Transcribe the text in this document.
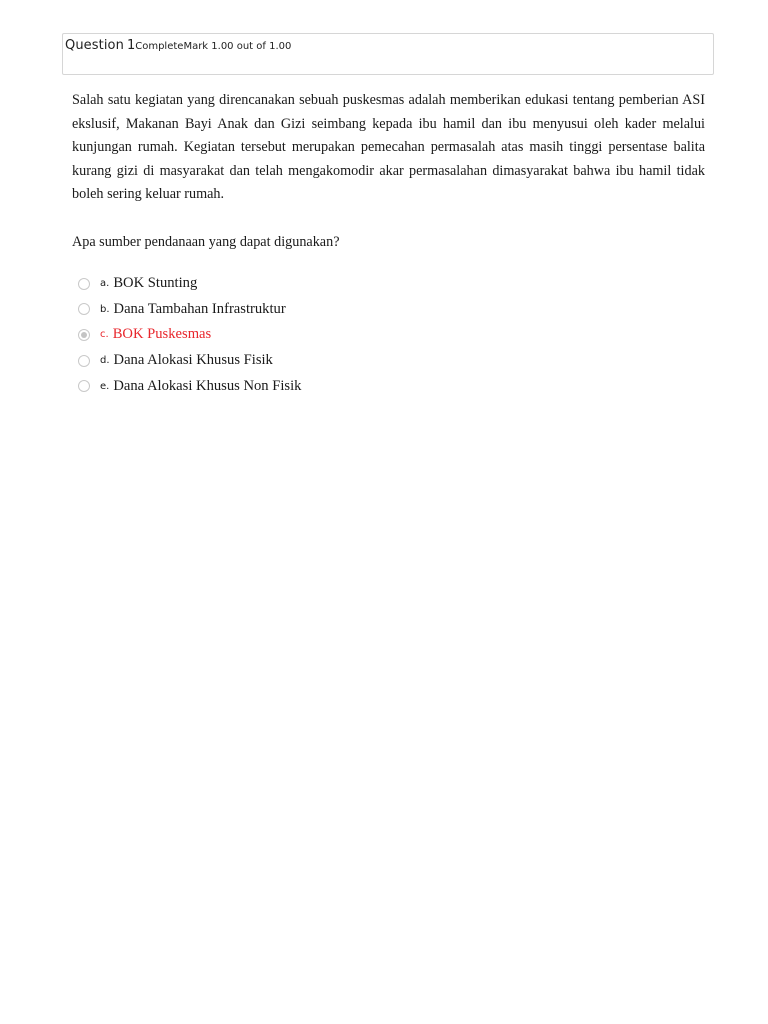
Question 1CompleteMark 1.00 out of 1.00

Salah satu kegiatan yang direncanakan sebuah puskesmas adalah memberikan edukasi tentang pemberian ASI ekslusif, Makanan Bayi Anak dan Gizi seimbang kepada ibu hamil dan ibu menyusui oleh kader melalui kunjungan rumah. Kegiatan tersebut merupakan pemecahan permasalah atas masih tinggi persentase balita kurang gizi di masyarakat dan telah mengakomodir akar permasalahan dimasyarakat bahwa ibu hamil tidak boleh sering keluar rumah.

Apa sumber pendanaan yang dapat digunakan?

a. BOK Stunting
b. Dana Tambahan Infrastruktur
c. BOK Puskesmas
d. Dana Alokasi Khusus Fisik
e. Dana Alokasi Khusus Non Fisik
